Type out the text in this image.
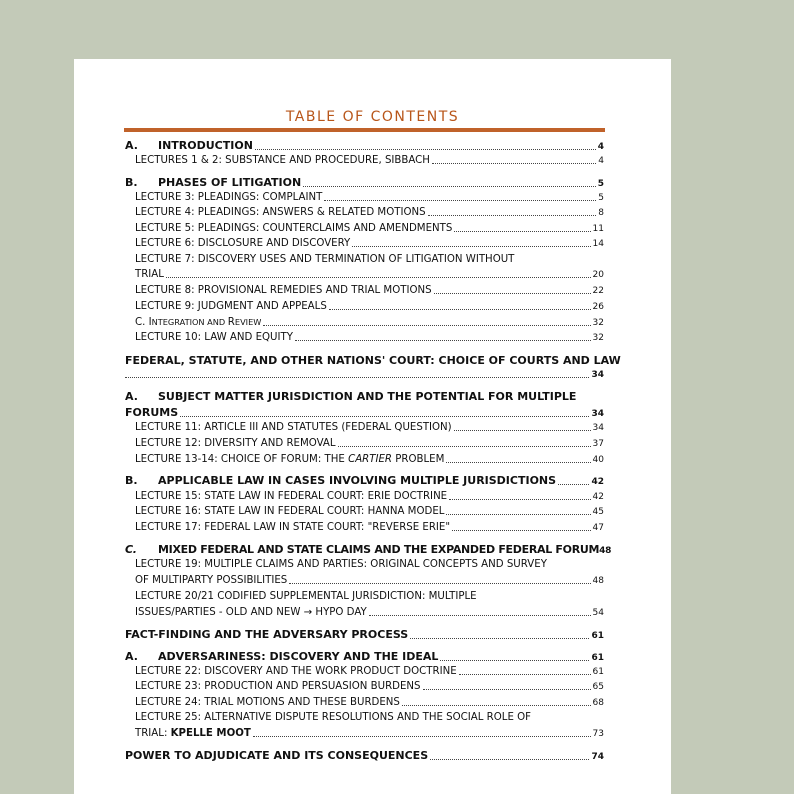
TABLE OF CONTENTS
A. INTRODUCTION	4
LECTURES 1 & 2: SUBSTANCE AND PROCEDURE, SIBBACH	4
B. PHASES OF LITIGATION	5
LECTURE 3: PLEADINGS: COMPLAINT	5
LECTURE 4: PLEADINGS: ANSWERS & RELATED MOTIONS	8
LECTURE 5: PLEADINGS: COUNTERCLAIMS AND AMENDMENTS	11
LECTURE 6: DISCLOSURE AND DISCOVERY	14
LECTURE 7: DISCOVERY USES AND TERMINATION OF LITIGATION WITHOUT
TRIAL	20
LECTURE 8: PROVISIONAL REMEDIES AND TRIAL MOTIONS	22
LECTURE 9: JUDGMENT AND APPEALS	26
C. INTEGRATION AND REVIEW	32
LECTURE 10: LAW AND EQUITY	32
FEDERAL, STATUTE, AND OTHER NATIONS' COURT: CHOICE OF COURTS AND LAW
34
A. SUBJECT MATTER JURISDICTION AND THE POTENTIAL FOR MULTIPLE
FORUMS	34
LECTURE 11: ARTICLE III AND STATUTES (FEDERAL QUESTION)	34
LECTURE 12: DIVERSITY AND REMOVAL	37
LECTURE 13-14: CHOICE OF FORUM: THE CARTIER PROBLEM	40
B. APPLICABLE LAW IN CASES INVOLVING MULTIPLE JURISDICTIONS	42
LECTURE 15: STATE LAW IN FEDERAL COURT: ERIE DOCTRINE	42
LECTURE 16: STATE LAW IN FEDERAL COURT: HANNA MODEL	45
LECTURE 17: FEDERAL LAW IN STATE COURT: "REVERSE ERIE"	47
C. MIXED FEDERAL AND STATE CLAIMS AND THE EXPANDED FEDERAL FORUM 48
LECTURE 19: MULTIPLE CLAIMS AND PARTIES: ORIGINAL CONCEPTS AND SURVEY
OF MULTIPARTY POSSIBILITIES	48
LECTURE 20/21 CODIFIED SUPPLEMENTAL JURISDICTION: MULTIPLE
ISSUES/PARTIES - OLD AND NEW → HYPO DAY	54
FACT-FINDING AND THE ADVERSARY PROCESS	61
A. ADVERSARINESS: DISCOVERY AND THE IDEAL	61
LECTURE 22: DISCOVERY AND THE WORK PRODUCT DOCTRINE	61
LECTURE 23: PRODUCTION AND PERSUASION BURDENS	65
LECTURE 24: TRIAL MOTIONS AND THESE BURDENS	68
LECTURE 25: ALTERNATIVE DISPUTE RESOLUTIONS AND THE SOCIAL ROLE OF
TRIAL: KPELLE MOOT	73
POWER TO ADJUDICATE AND ITS CONSEQUENCES	74
